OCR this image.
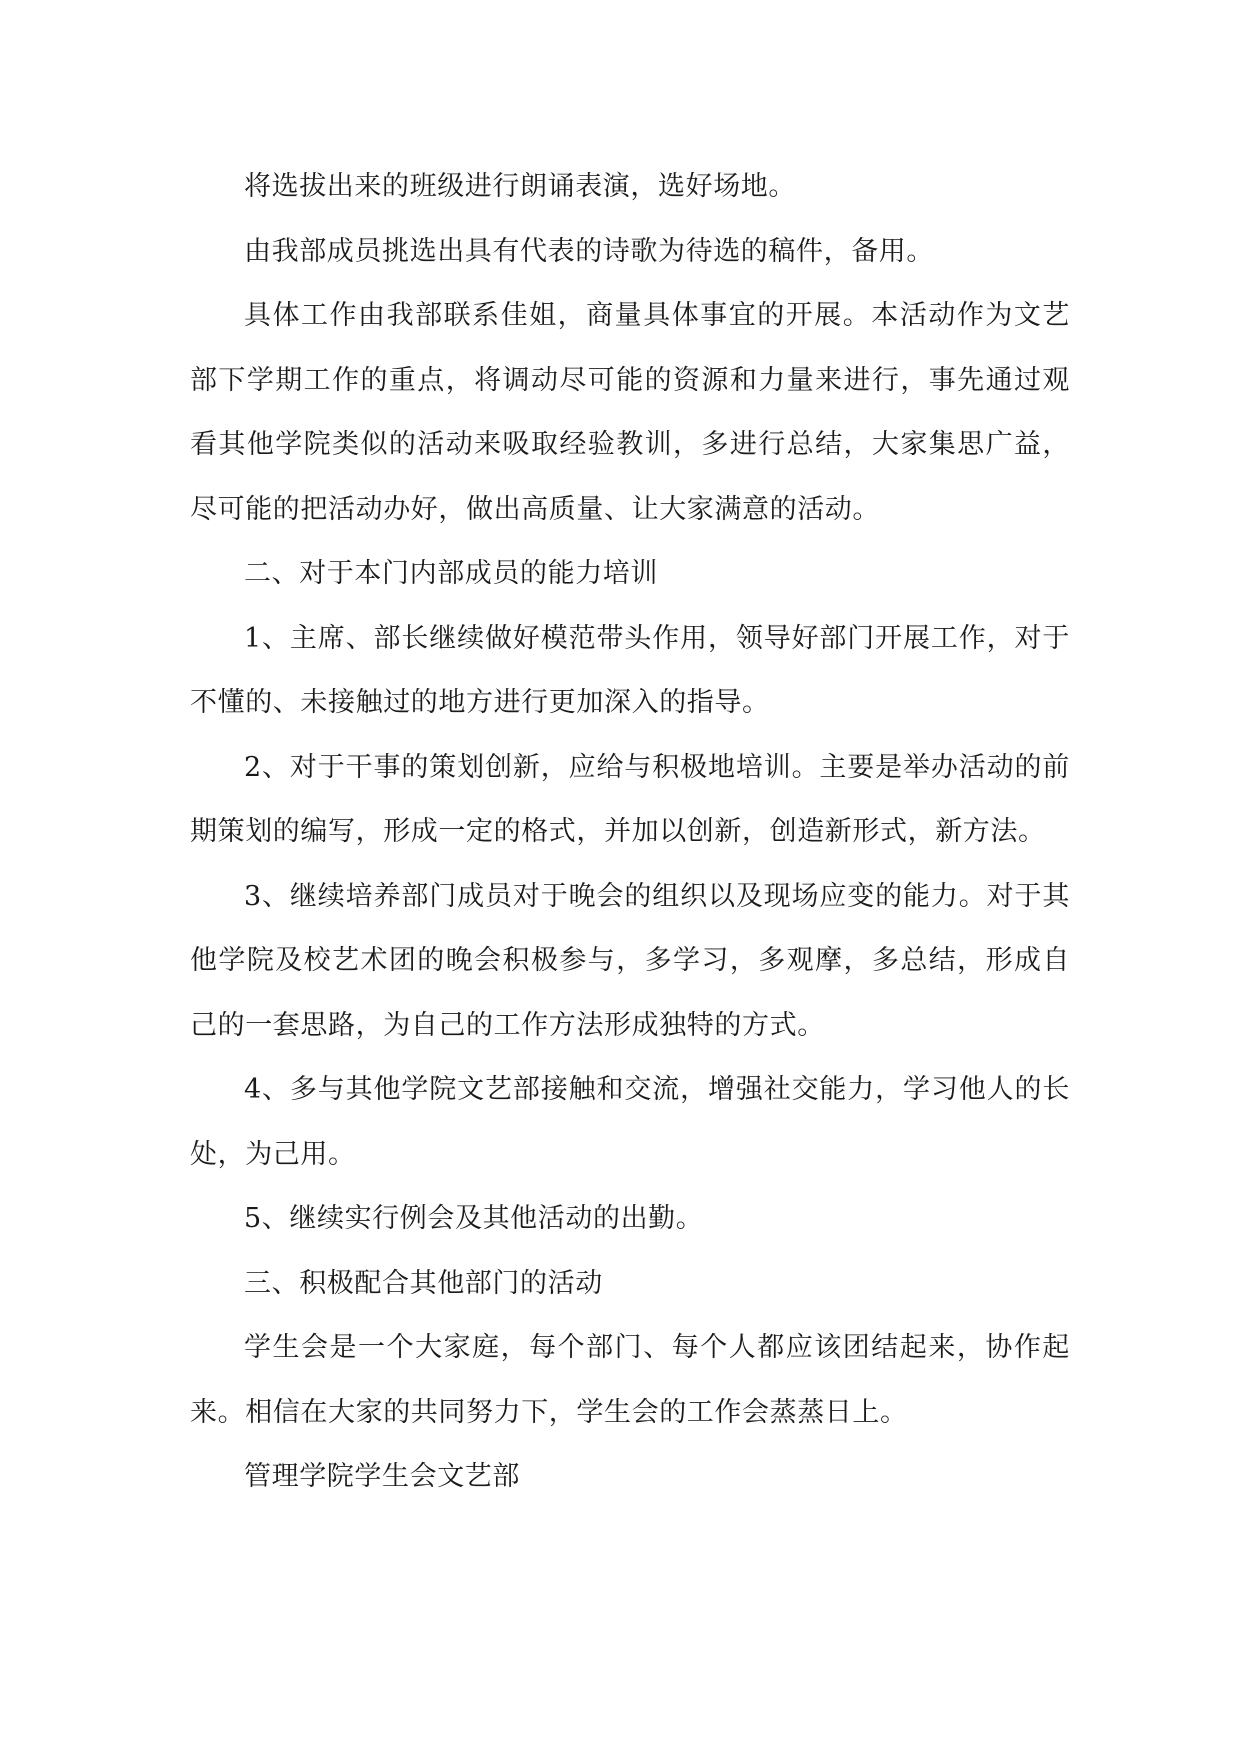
将选拔出来的班级进行朗诵表演，选好场地。

由我部成员挑选出具有代表的诗歌为待选的稿件，备用。

具体工作由我部联系佳姐，商量具体事宜的开展。本活动作为文艺部下学期工作的重点，将调动尽可能的资源和力量来进行，事先通过观看其他学院类似的活动来吸取经验教训，多进行总结，大家集思广益，尽可能的把活动办好，做出高质量、让大家满意的活动。

二、对于本门内部成员的能力培训

1、主席、部长继续做好模范带头作用，领导好部门开展工作，对于不懂的、未接触过的地方进行更加深入的指导。

2、对于干事的策划创新，应给与积极地培训。主要是举办活动的前期策划的编写，形成一定的格式，并加以创新，创造新形式，新方法。

3、继续培养部门成员对于晚会的组织以及现场应变的能力。对于其他学院及校艺术团的晚会积极参与，多学习，多观摩，多总结，形成自己的一套思路，为自己的工作方法形成独特的方式。

4、多与其他学院文艺部接触和交流，增强社交能力，学习他人的长处，为己用。

5、继续实行例会及其他活动的出勤。

三、积极配合其他部门的活动

学生会是一个大家庭，每个部门、每个人都应该团结起来，协作起来。相信在大家的共同努力下，学生会的工作会蒸蒸日上。

管理学院学生会文艺部
